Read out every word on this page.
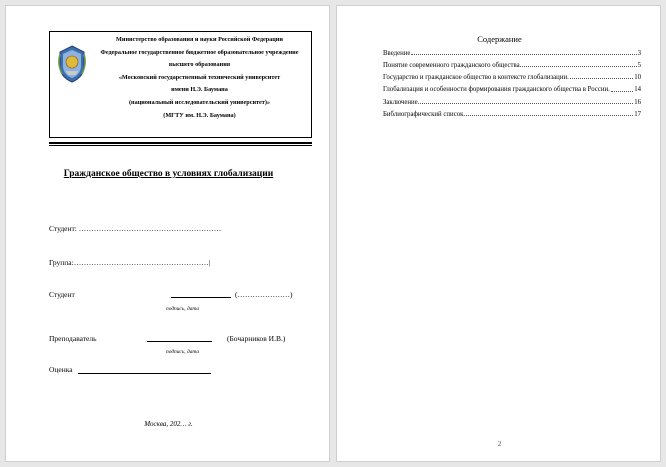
Министерство образования и науки Российской Федерации
Федеральное государственное бюджетное образовательное учреждение
высшего образования
«Московский государственный технический университет
имени Н.Э. Баумана
(национальный исследовательский университет)»
(МГТУ им. Н.Э. Баумана)
Гражданское общество в условиях глобализации
Студент: …………………………………………………
Группа:………………………………………………|
Студент	(…………………)
подпись, дата
Преподаватель	(Бочарников И.В.)
подпись, дата
Оценка
Москва, 202… г.
Содержание
Введение	3
Понятие современного гражданского общества.	5
Государство и гражданское общество в контексте глобализации.	10
Глобализация и особенности формирования гражданского общества в России.	14
Заключение.	16
Библиографический список.	17
2
